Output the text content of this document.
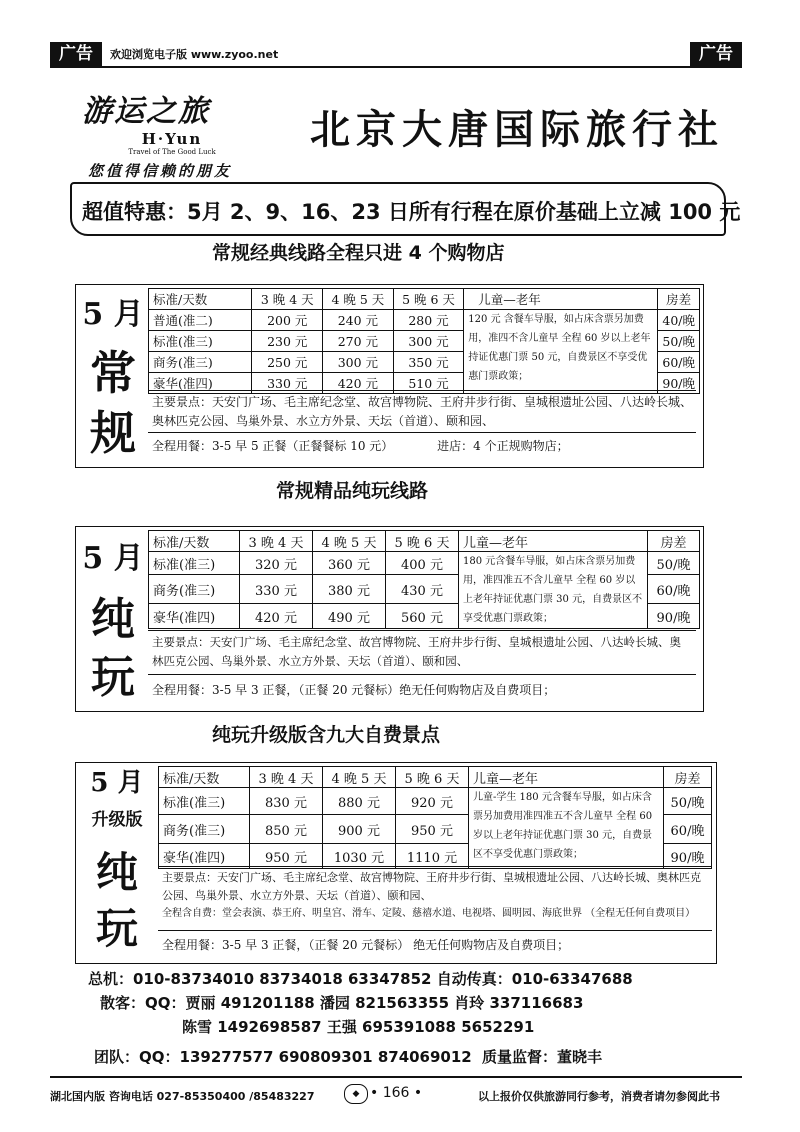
广告	欢迎浏览电子版 www.zyoo.net	广告
游运之旅
H·Yun
Travel of The Good Luck	北京大唐国际旅行社
您值得信赖的朋友
超值特惠：5月 2、9、16、23 日所有行程在原价基础上立减 100 元
常规经典线路全程只进 4 个购物店
5 月
常
规
标准/天数	3 晚 4 天	4 晚 5 天	5 晚 6 天	儿童—老年	房差
普通(准二)	200 元	240 元	280 元	120 元 含餐车导服，如占床含票另加费用，准四不含儿童早 全程 60 岁以上老年持证优惠门票 50 元，自费景区不享受优惠门票政策；	40/晚
标准(准三)	230 元	270 元	300 元		50/晚
商务(准三)	250 元	300 元	350 元		60/晚
豪华(准四)	330 元	420 元	510 元		90/晚
主要景点：天安门广场、毛主席纪念堂、故宫博物院、王府井步行街、皇城根遗址公园、八达岭长城、奥林匹克公园、鸟巢外景、水立方外景、天坛（首道）、颐和园、
全程用餐：3-5 早 5 正餐（正餐餐标 10 元）	进店：4 个正规购物店；
常规精品纯玩线路
5 月
纯
玩
标准/天数	3 晚 4 天	4 晚 5 天	5 晚 6 天	儿童—老年	房差
标准(准三)	320 元	360 元	400 元	180 元含餐车导服，如占床含票另加费用，准四准五不含儿童早 全程 60 岁以上老年持证优惠门票 30 元，自费景区不享受优惠门票政策；	50/晚
商务(准三)	330 元	380 元	430 元		60/晚
豪华(准四)	420 元	490 元	560 元		90/晚
主要景点：天安门广场、毛主席纪念堂、故宫博物院、王府井步行街、皇城根遗址公园、八达岭长城、奥林匹克公园、鸟巢外景、水立方外景、天坛（首道）、颐和园、
全程用餐：3-5 早 3 正餐，（正餐 20 元餐标）绝无任何购物店及自费项目；
纯玩升级版含九大自费景点
5 月
升级版
纯
玩
标准/天数	3 晚 4 天	4 晚 5 天	5 晚 6 天	儿童—老年	房差
标准(准三)	830 元	880 元	920 元	儿童-学生 180 元含餐车导服，如占床含票另加费用准四准五不含儿童早 全程 60 岁以上老年持证优惠门票 30 元，自费景区不享受优惠门票政策；	50/晚
商务(准三)	850 元	900 元	950 元		60/晚
豪华(准四)	950 元	1030 元	1110 元		90/晚
主要景点：天安门广场、毛主席纪念堂、故宫博物院、王府井步行街、皇城根遗址公园、八达岭长城、奥林匹克公园、鸟巢外景、水立方外景、天坛（首道）、颐和园、
全程含自费：堂会表演、恭王府、明皇宫、滑车、定陵、慈禧水道、电视塔、圆明园、海底世界 （全程无任何自费项目）
全程用餐：3-5 早 3 正餐，（正餐 20 元餐标） 绝无任何购物店及自费项目；
总机：010-83734010 83734018 63347852 自动传真：010-63347688
散客：QQ：贾丽 491201188 潘园 821563355 肖玲 337116683
陈雪 1492698587 王强 695391088 5652291
团队：QQ：139277577 690809301 874069012 质量监督：董晓丰
湖北国内版 咨询电话 027-85350400 /85483227	◆ • 166 •	以上报价仅供旅游同行参考，消费者请勿参阅此书
